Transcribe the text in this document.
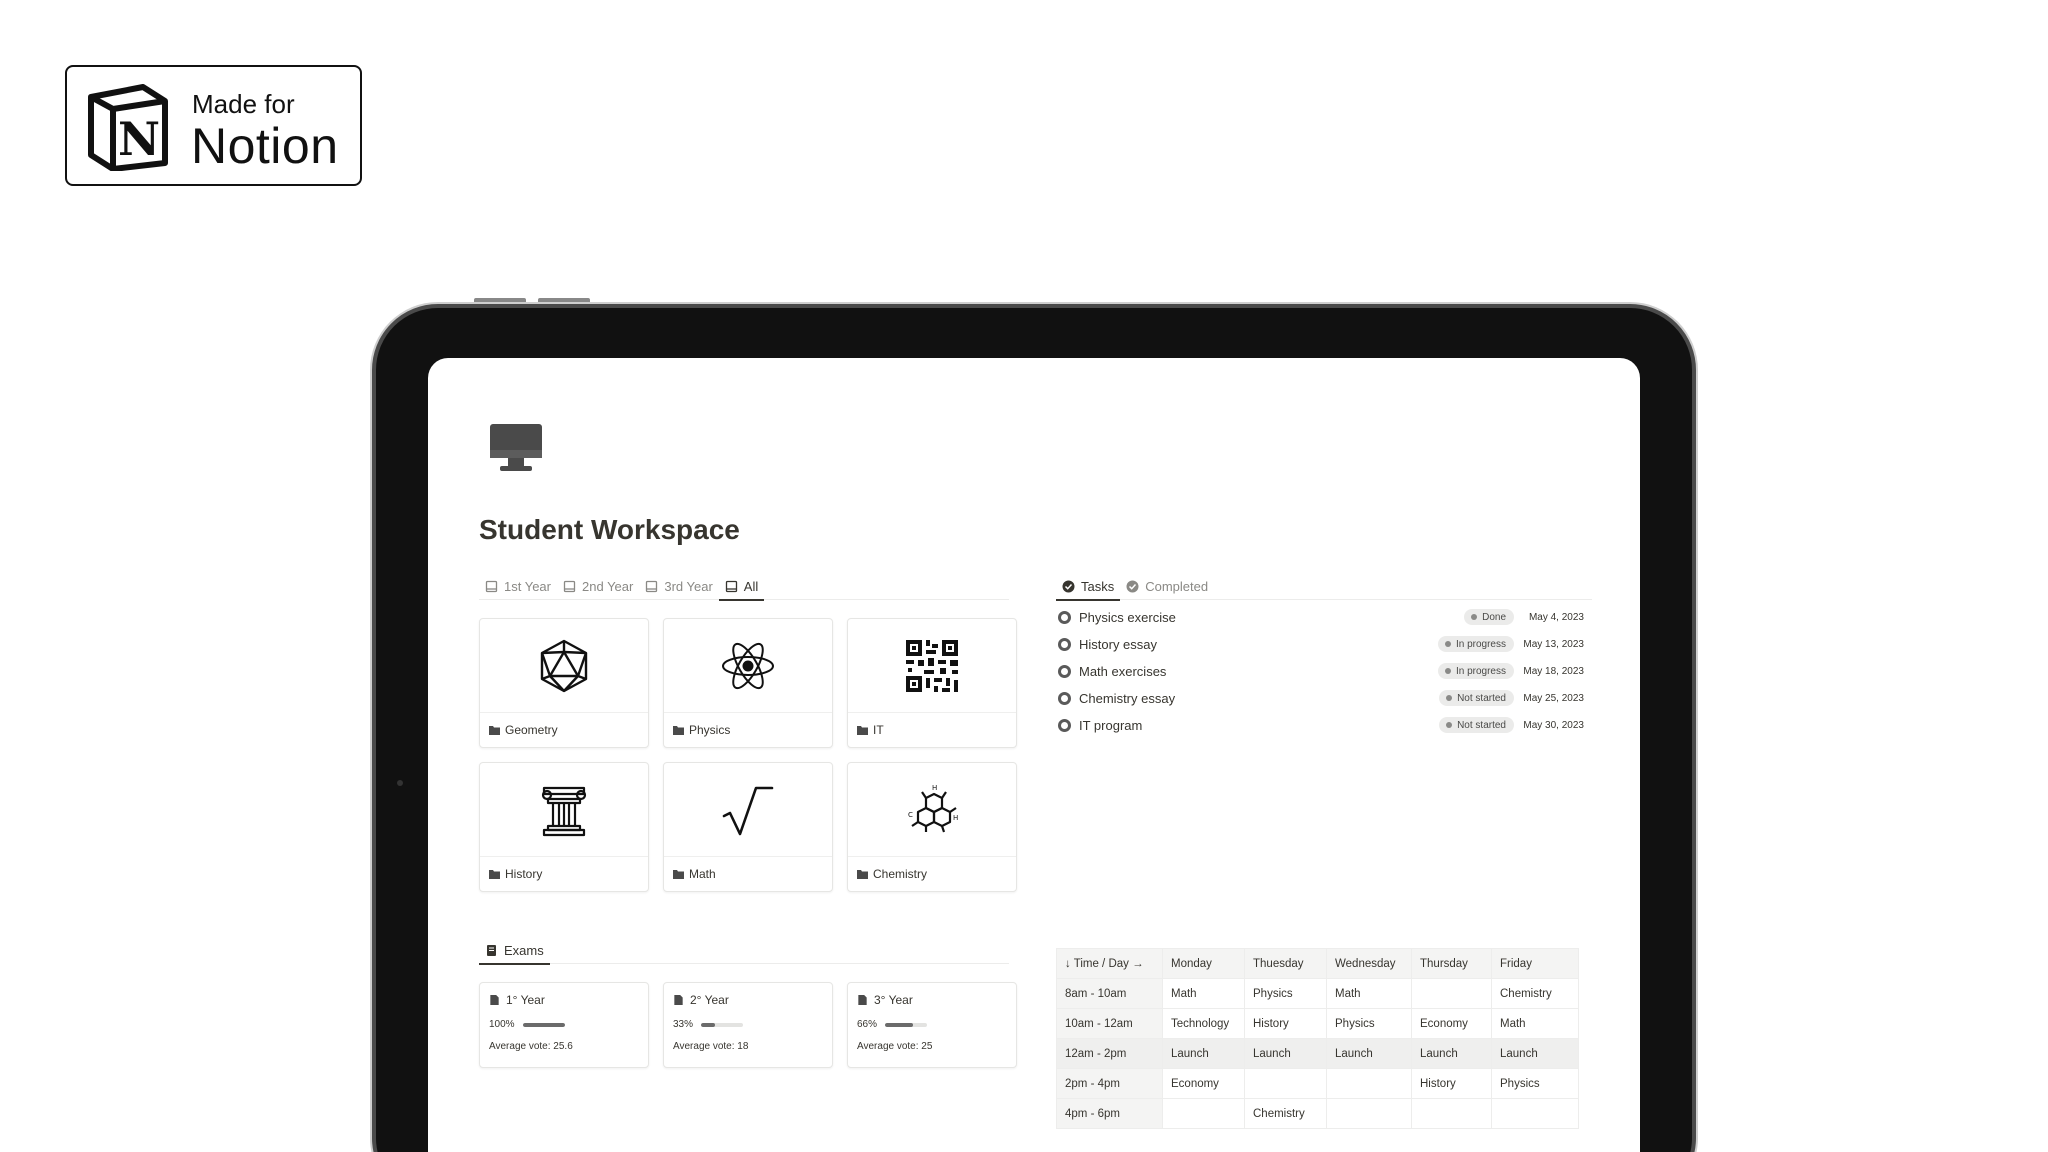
N
Made for
Notion
Student Workspace
1st Year 2nd Year 3rd Year All
Geometry	Physics	IT
History	Math
H
H
C
Chemistry
Exams
1° Year
100%
Average vote: 25.6
2° Year
33%
Average vote: 18
3° Year
66%
Average vote: 25
Tasks Completed
Physics exercise	Done May 4, 2023
History essay	In progress May 13, 2023
Math exercises	In progress May 18, 2023
Chemistry essay	Not started May 25, 2023
IT program	Not started May 30, 2023
↓ Time / Day →	Monday	Thuesday	Wednesday	Thursday	Friday
8am - 10am	Math	Physics	Math		Chemistry
10am - 12am	Technology	History	Physics	Economy	Math
12am - 2pm	Launch	Launch	Launch	Launch	Launch
2pm - 4pm	Economy			History	Physics
4pm - 6pm		Chemistry			
